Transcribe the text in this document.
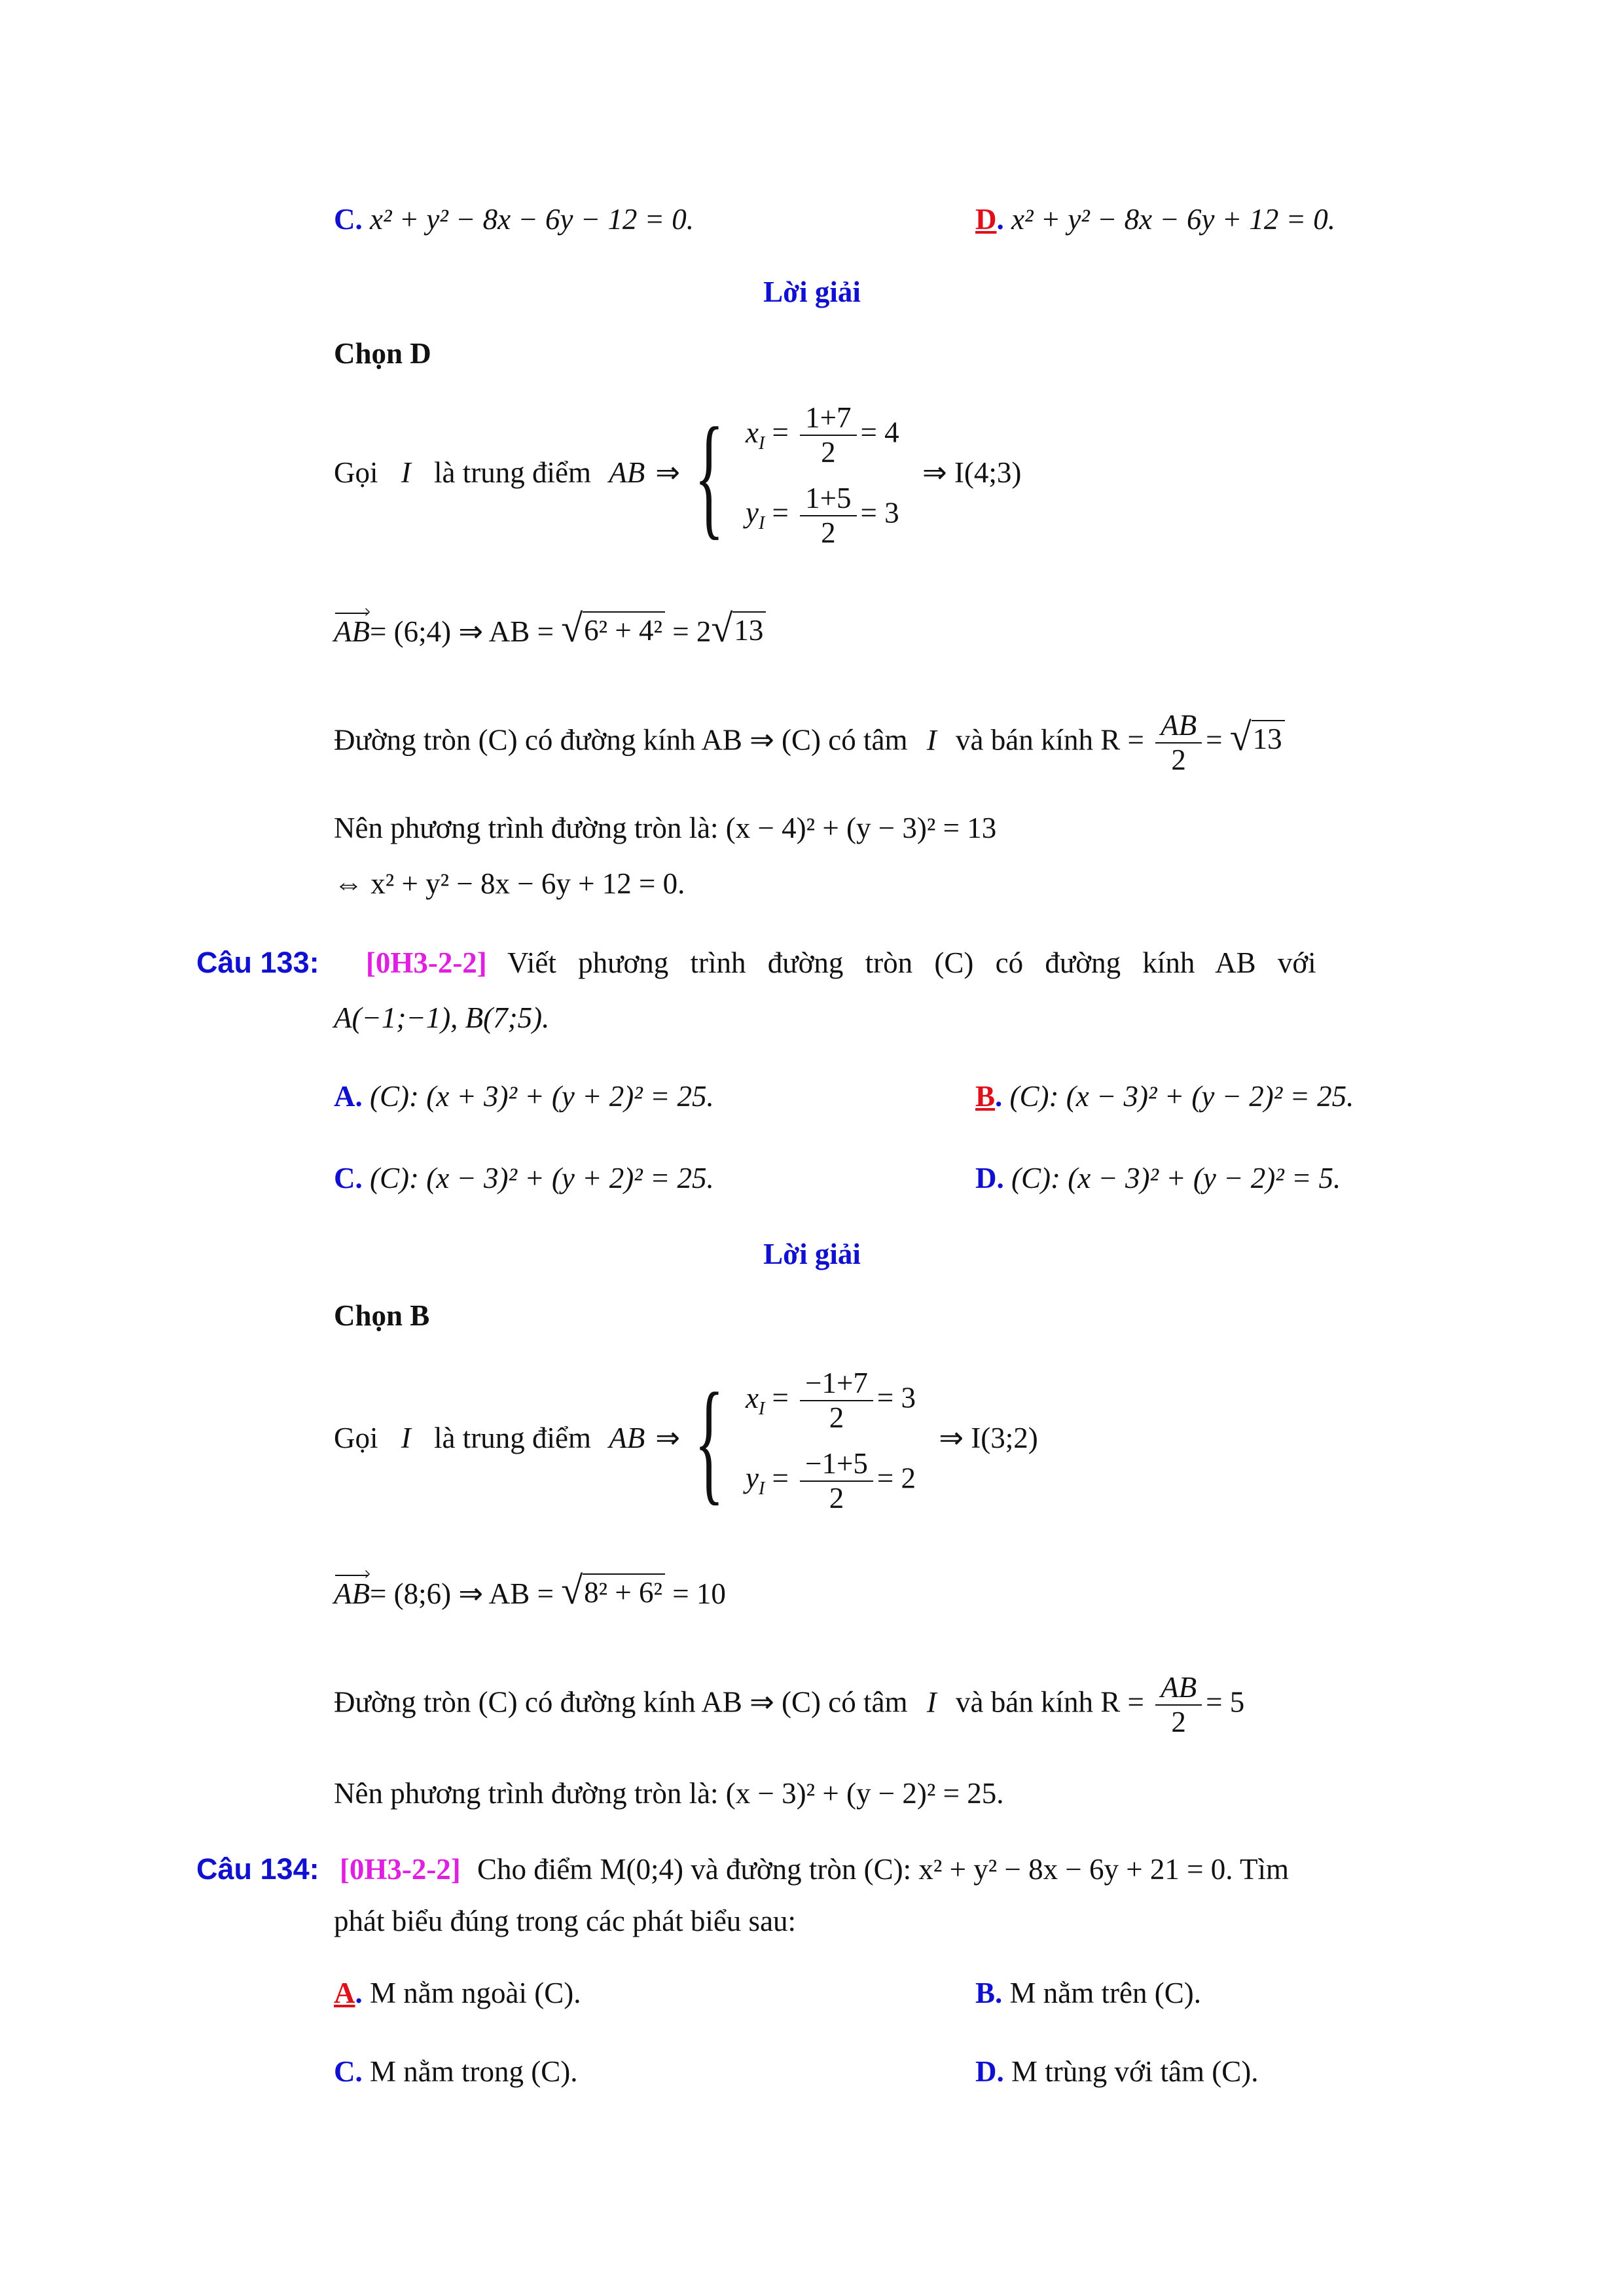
C. x² + y² − 8x − 6y − 12 = 0.	D. x² + y² − 8x − 6y + 12 = 0.
Lời giải
Chọn D
Gọi I là trung điểm AB ⇒ { $x_I = \frac{1+7}{2} = 4$
$y_I = \frac{1+5}{2} = 3$
⇒ I(4;3)
AB= (6;4) ⇒ AB = √ 6² + 4² = 2 √ 13
Đường tròn (C) có đường kính AB ⇒ (C) có tâm I và bán kính $R = \frac{AB}{2}$ = √ 13
Nên phương trình đường tròn là: (x − 4)² + (y − 3)² = 13
⇔ x² + y² − 8x − 6y + 12 = 0.
Câu 133: [0H3-2-2] Viết phương trình đường tròn (C) có đường kính AB với
A(−1;−1), B(7;5).
A. (C): (x + 3)² + (y + 2)² = 25.	B. (C): (x − 3)² + (y − 2)² = 25.
C. (C): (x − 3)² + (y + 2)² = 25.	D. (C): (x − 3)² + (y − 2)² = 5.
Lời giải
Chọn B
Gọi I là trung điểm AB ⇒ { $x_I = \frac{-1+7}{2} = 3$
$y_I = \frac{-1+5}{2} = 2$
⇒ I(3;2)
AB= (8;6) ⇒ AB = √ 8² + 6² = 10
Đường tròn (C) có đường kính AB ⇒ (C) có tâm I và bán kính $R = \frac{AB}{2} = 5$
Nên phương trình đường tròn là: (x − 3)² + (y − 2)² = 25.
Câu 134: [0H3-2-2] Cho điểm M(0;4) và đường tròn (C): x² + y² − 8x − 6y + 21 = 0. Tìm
phát biểu đúng trong các phát biểu sau:
A. M nằm ngoài (C).	B. M nằm trên (C).
C. M nằm trong (C).	D. M trùng với tâm (C).
